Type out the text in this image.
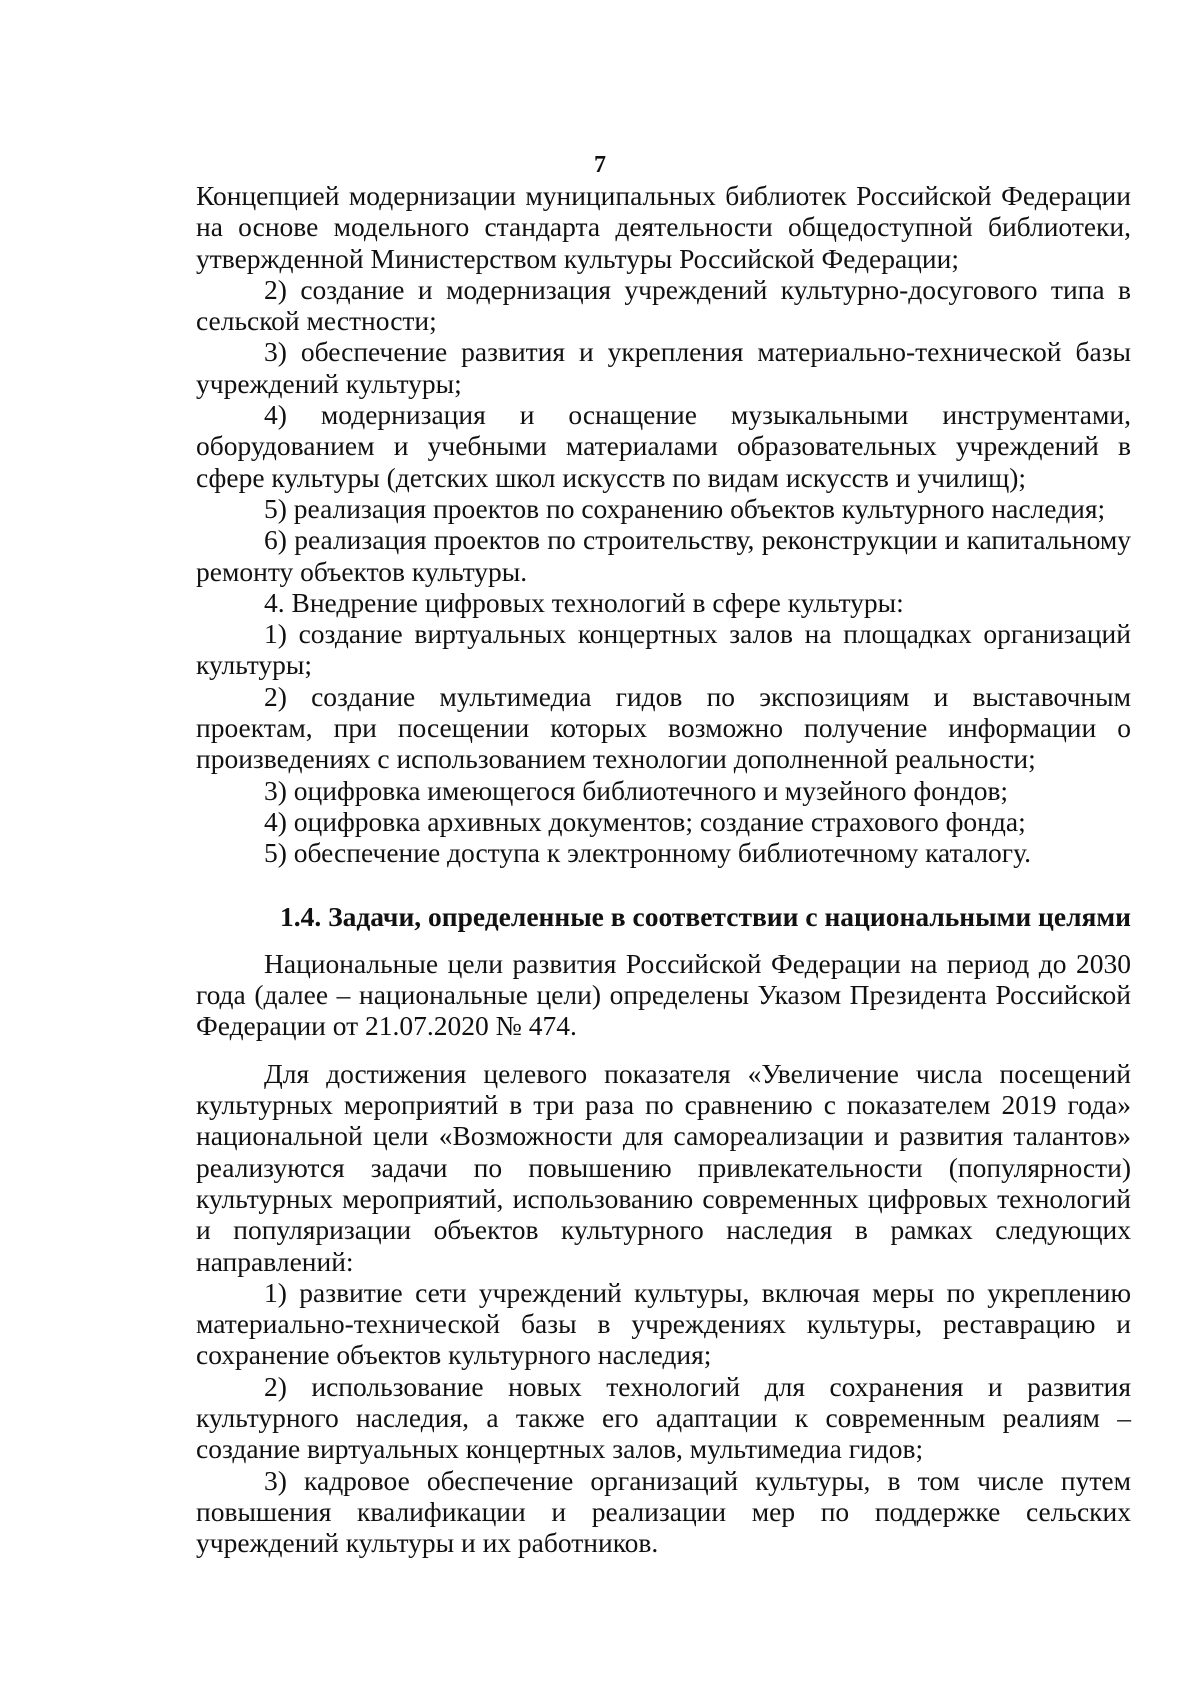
7

Концепцией модернизации муниципальных библиотек Российской Федерации на основе модельного стандарта деятельности общедоступной библиотеки, утвержденной Министерством культуры Российской Федерации;

2) создание и модернизация учреждений культурно-досугового типа в сельской местности;

3) обеспечение развития и укрепления материально-технической базы учреждений культуры;

4) модернизация и оснащение музыкальными инструментами, оборудованием и учебными материалами образовательных учреждений в сфере культуры (детских школ искусств по видам искусств и училищ);

5) реализация проектов по сохранению объектов культурного наследия;

6) реализация проектов по строительству, реконструкции и капитальному ремонту объектов культуры.

4. Внедрение цифровых технологий в сфере культуры:

1) создание виртуальных концертных залов на площадках организаций культуры;

2) создание мультимедиа гидов по экспозициям и выставочным проектам, при посещении которых возможно получение информации о произведениях с использованием технологии дополненной реальности;

3) оцифровка имеющегося библиотечного и музейного фондов;

4) оцифровка архивных документов; создание страхового фонда;

5) обеспечение доступа к электронному библиотечному каталогу.

1.4. Задачи, определенные в соответствии с национальными целями

Национальные цели развития Российской Федерации на период до 2030 года (далее – национальные цели) определены Указом Президента Российской Федерации от 21.07.2020 № 474.

Для достижения целевого показателя «Увеличение числа посещений культурных мероприятий в три раза по сравнению с показателем 2019 года» национальной цели «Возможности для самореализации и развития талантов» реализуются задачи по повышению привлекательности (популярности) культурных мероприятий, использованию современных цифровых технологий и популяризации объектов культурного наследия в рамках следующих направлений:

1) развитие сети учреждений культуры, включая меры по укреплению материально-технической базы в учреждениях культуры, реставрацию и сохранение объектов культурного наследия;

2) использование новых технологий для сохранения и развития культурного наследия, а также его адаптации к современным реалиям – создание виртуальных концертных залов, мультимедиа гидов;

3) кадровое обеспечение организаций культуры, в том числе путем повышения квалификации и реализации мер по поддержке сельских учреждений культуры и их работников.
